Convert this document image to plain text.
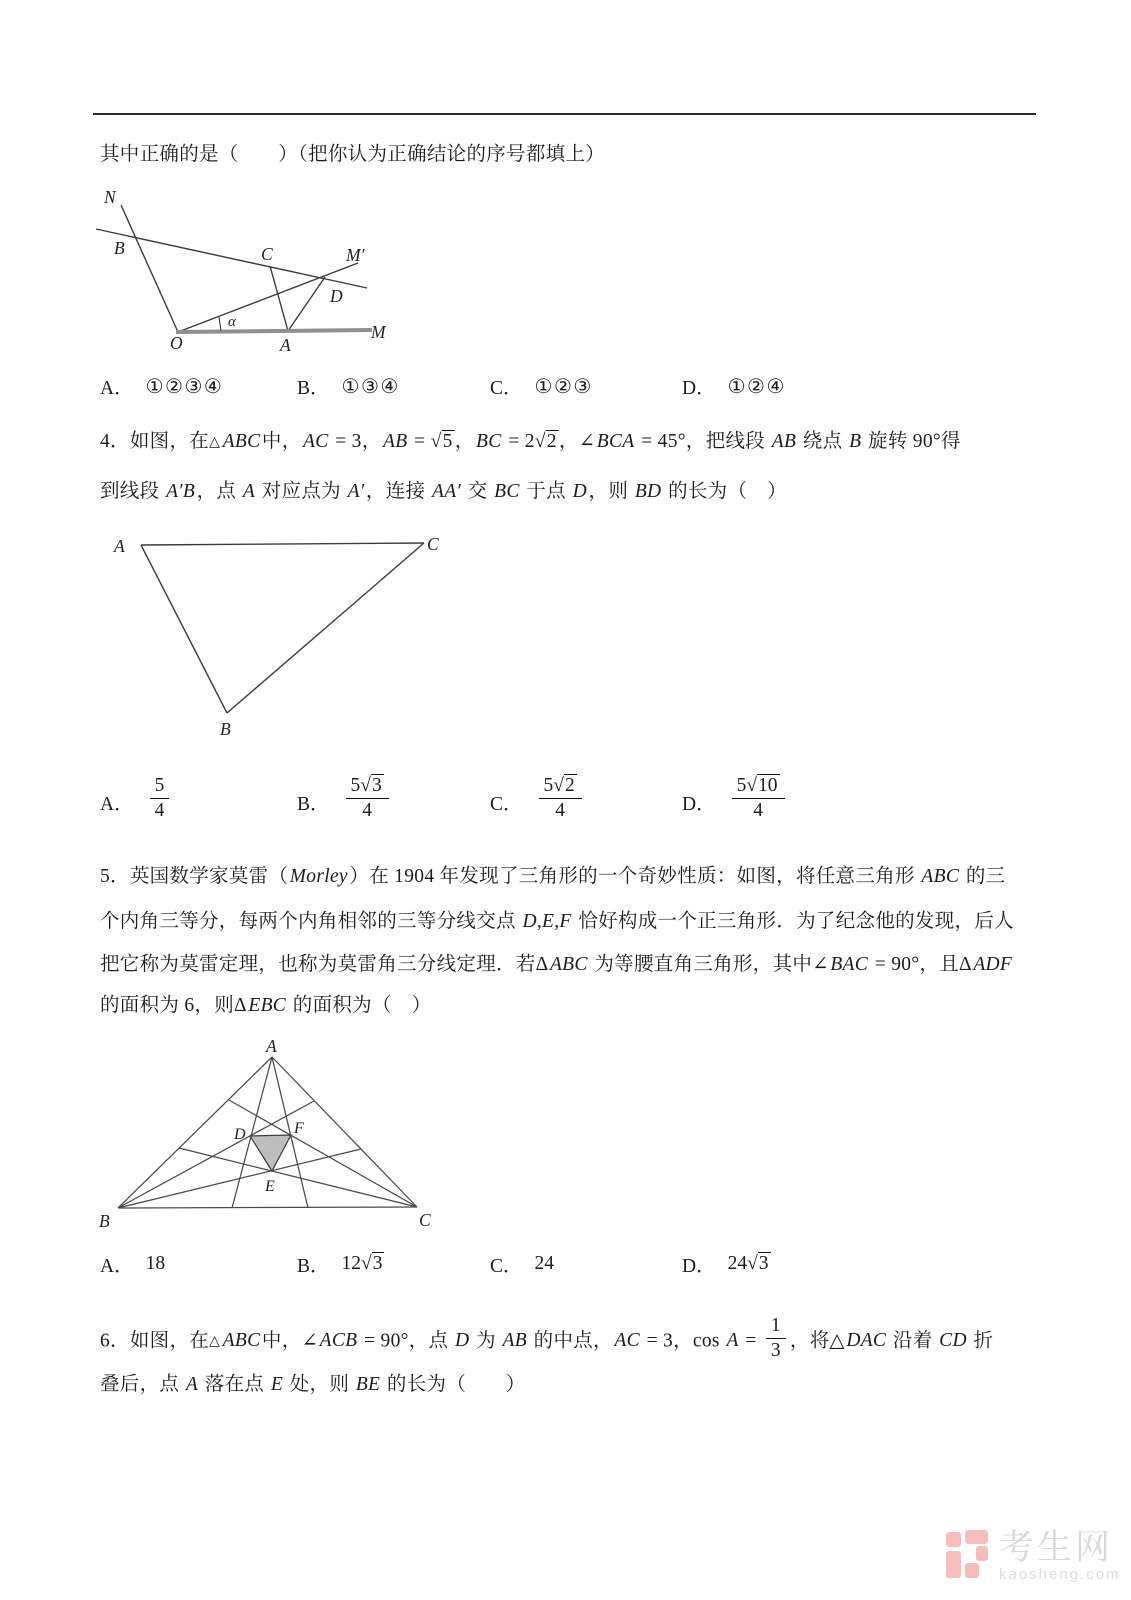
其中正确的是（　　）（把你认为正确结论的序号都填上）
N
B	C	M′
D
O
α
A
M
A． ①②③④	B． ①③④	C． ①②③	D． ①②④
4．如图，在△ ABC中，AC = 3，AB = √5 ，BC = 2√2 ，∠BCA = 45°，把线段 AB 绕点 B 旋转 90°得
到线段 A′B，点 A 对应点为 A′，连接 AA′ 交 BC 于点 D，则 BD 的长为（　）
A	C
B
A． $\frac{5}{4}$	B． $\frac{5√3}{4}$	C． $\frac{5√2}{4}$	D． $\frac{5√10}{4}$
5．英国数学家莫雷（Morley）在 1904 年发现了三角形的一个奇妙性质：如图，将任意三角形 ABC 的三
个内角三等分，每两个内角相邻的三等分线交点 D,E,F 恰好构成一个正三角形．为了纪念他的发现，后人
把它称为莫雷定理，也称为莫雷角三分线定理．若ΔABC 为等腰直角三角形，其中∠BAC = 90°，且ΔADF
的面积为 6，则ΔEBC 的面积为（　）
A
B	C
D	F
E
A． 18	B． 12√3	C． 24	D． 24√3
6．如图，在△ ABC中，∠ACB = 90°，点 D 为 AB 的中点，AC = 3，$\cos A = \frac{1}{3}$ ，将△DAC 沿着 CD 折
叠后，点 A 落在点 E 处，则 BE 的长为（　　）
考生网
kaosheng.com
